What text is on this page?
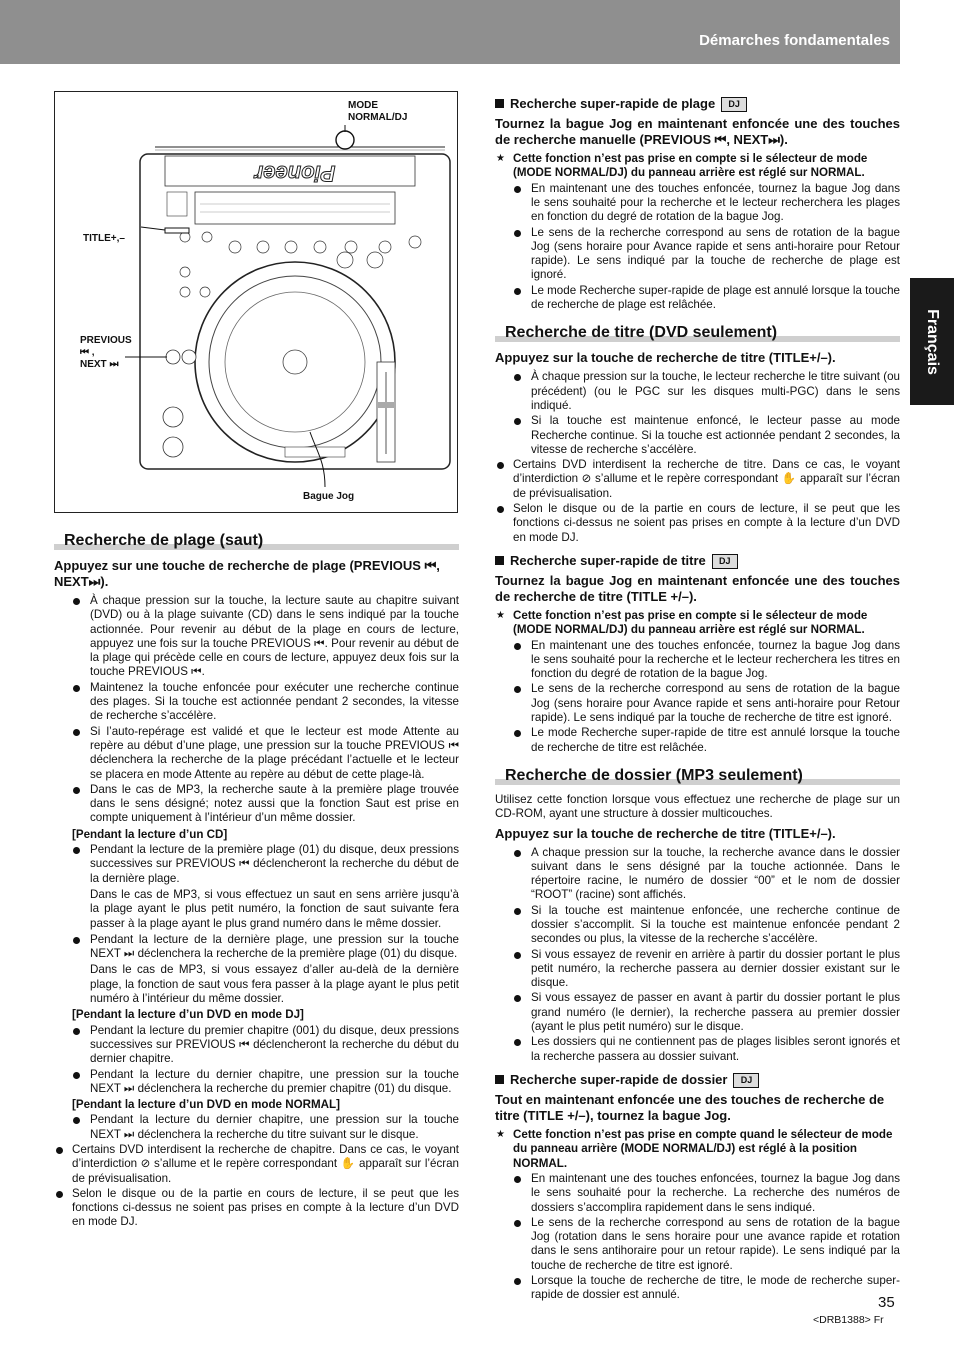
Démarches fondamentales
Français
Pioneer
MODE
NORMAL/DJ
TITLE+,–
PREVIOUS
⏮ ,
NEXT ⏭
Bague Jog
Recherche de plage (saut)
Appuyez sur une touche de recherche de plage (PREVIOUS ⏮, NEXT⏭).
À chaque pression sur la touche, la lecture saute au chapitre suivant (DVD) ou à la plage suivante (CD) dans le sens indiqué par la touche actionnée. Pour revenir au début de la plage en cours de lecture, appuyez une fois sur la touche PREVIOUS ⏮. Pour revenir au début de la plage qui précède celle en cours de lecture, appuyez deux fois sur la touche PREVIOUS ⏮.
Maintenez la touche enfoncée pour exécuter une recherche continue des plages. Si la touche est actionnée pendant 2 secondes, la vitesse de recherche s’accélère.
Si l’auto-repérage est validé et que le lecteur est mode Attente au repère au début d’une plage, une pression sur la touche PREVIOUS ⏮ déclenchera la recherche de la plage précédant l’actuelle et le lecteur se placera en mode Attente au repère au début de cette plage-là.
Dans le cas de MP3, la recherche saute à la première plage trouvée dans le sens désigné; notez aussi que la fonction Saut est prise en compte uniquement à l’intérieur d’un même dossier.
[Pendant la lecture d’un CD]
Pendant la lecture de la première plage (01) du disque, deux pressions successives sur PREVIOUS ⏮ déclencheront la recherche du début de la dernière plage.
Dans le cas de MP3, si vous effectuez un saut en sens arrière jusqu’à la plage ayant le plus petit numéro, la fonction de saut suivante fera passer à la plage ayant le plus grand numéro dans le même dossier.
Pendant la lecture de la dernière plage, une pression sur la touche NEXT ⏭ déclenchera la recherche de la première plage (01) du disque.
Dans le cas de MP3, si vous essayez d’aller au-delà de la dernière plage, la fonction de saut vous fera passer à la plage ayant le plus petit numéro à l’intérieur du même dossier.
[Pendant la lecture d’un DVD en mode DJ]
Pendant la lecture du premier chapitre (001) du disque, deux pressions successives sur PREVIOUS ⏮ déclencheront la recherche du début du dernier chapitre.
Pendant la lecture du dernier chapitre, une pression sur la touche NEXT ⏭ déclenchera la recherche du premier chapitre (01) du disque.
[Pendant la lecture d’un DVD en mode NORMAL]
Pendant la lecture du dernier chapitre, une pression sur la touche NEXT ⏭ déclenchera la recherche du titre suivant sur le disque.
Certains DVD interdisent la recherche de chapitre. Dans ce cas, le voyant d’interdiction ⊘ s’allume et le repère correspondant ✋ apparaît sur l’écran de prévisualisation.
Selon le disque ou de la partie en cours de lecture, il se peut que les fonctions ci-dessus ne soient pas prises en compte à la lecture d’un DVD en mode DJ.
Recherche super-rapide de plage DJ
Tournez la bague Jog en maintenant enfoncée une des touches de recherche manuelle (PREVIOUS ⏮, NEXT⏭).
★ Cette fonction n’est pas prise en compte si le sélecteur de mode (MODE NORMAL/DJ) du panneau arrière est réglé sur NORMAL.
En maintenant une des touches enfoncée, tournez la bague Jog dans le sens souhaité pour la recherche et le lecteur recherchera les plages en fonction du degré de rotation de la bague Jog.
Le sens de la recherche correspond au sens de rotation de la bague Jog (sens horaire pour Avance rapide et sens anti-horaire pour Retour rapide). Le sens indiqué par la touche de recherche de plage est ignoré.
Le mode Recherche super-rapide de plage est annulé lorsque la touche de recherche de plage est relâchée.
Recherche de titre (DVD seulement)
Appuyez sur la touche de recherche de titre (TITLE+/–).
À chaque pression sur la touche, le lecteur recherche le titre suivant (ou précédent) (ou le PGC sur les disques multi-PGC) dans le sens indiqué.
Si la touche est maintenue enfoncé, le lecteur passe au mode Recherche continue. Si la touche est actionnée pendant 2 secondes, la vitesse de recherche s’accélère.
Certains DVD interdisent la recherche de titre. Dans ce cas, le voyant d’interdiction ⊘ s’allume et le repère correspondant ✋ apparaît sur l’écran de prévisualisation.
Selon le disque ou de la partie en cours de lecture, il se peut que les fonctions ci-dessus ne soient pas prises en compte à la lecture d’un DVD en mode DJ.
Recherche super-rapide de titre DJ
Tournez la bague Jog en maintenant enfoncée une des touches de recherche de titre (TITLE +/–).
★ Cette fonction n’est pas prise en compte si le sélecteur de mode (MODE NORMAL/DJ) du panneau arrière est réglé sur NORMAL.
En maintenant une des touches enfoncée, tournez la bague Jog dans le sens souhaité pour la recherche et le lecteur recherchera les titres en fonction du degré de rotation de la bague Jog.
Le sens de la recherche correspond au sens de rotation de la bague Jog (sens horaire pour Avance rapide et sens anti-horaire pour Retour rapide). Le sens indiqué par la touche de recherche de titre est ignoré.
Le mode Recherche super-rapide de titre est annulé lorsque la touche de recherche de titre est relâchée.
Recherche de dossier (MP3 seulement)
Utilisez cette fonction lorsque vous effectuez une recherche de plage sur un CD-ROM, ayant une structure à dossier multicouches.
Appuyez sur la touche de recherche de titre (TITLE+/–).
A chaque pression sur la touche, la recherche avance dans le dossier suivant dans le sens désigné par la touche actionnée. Dans le répertoire racine, le numéro de dossier “00” et le nom de dossier “ROOT” (racine) sont affichés.
Si la touche est maintenue enfoncée, une recherche continue de dossier s’accomplit. Si la touche est maintenue enfoncée pendant 2 secondes ou plus, la vitesse de la recherche s’accélère.
Si vous essayez de revenir en arrière à partir du dossier portant le plus petit numéro, la recherche passera au dernier dossier existant sur le disque.
Si vous essayez de passer en avant à partir du dossier portant le plus grand numéro (le dernier), la recherche passera au premier dossier (ayant le plus petit numéro) sur le disque.
Les dossiers qui ne contiennent pas de plages lisibles seront ignorés et la recherche passera au dossier suivant.
Recherche super-rapide de dossier DJ
Tout en maintenant enfoncée une des touches de recherche de titre (TITLE +/–), tournez la bague Jog.
★ Cette fonction n’est pas prise en compte quand le sélecteur de mode du panneau arrière (MODE NORMAL/DJ) est réglé à la position NORMAL.
En maintenant une des touches enfoncées, tournez la bague Jog dans le sens souhaité pour la recherche. La recherche des numéros de dossiers s’accomplira rapidement dans le sens indiqué.
Le sens de la recherche correspond au sens de rotation de la bague Jog (rotation dans le sens horaire pour une avance rapide et rotation dans le sens antihoraire pour un retour rapide). Le sens indiqué par la touche de recherche de titre est ignoré.
Lorsque la touche de recherche de titre, le mode de recherche super-rapide de dossier est annulé.	35
<DRB1388> Fr
